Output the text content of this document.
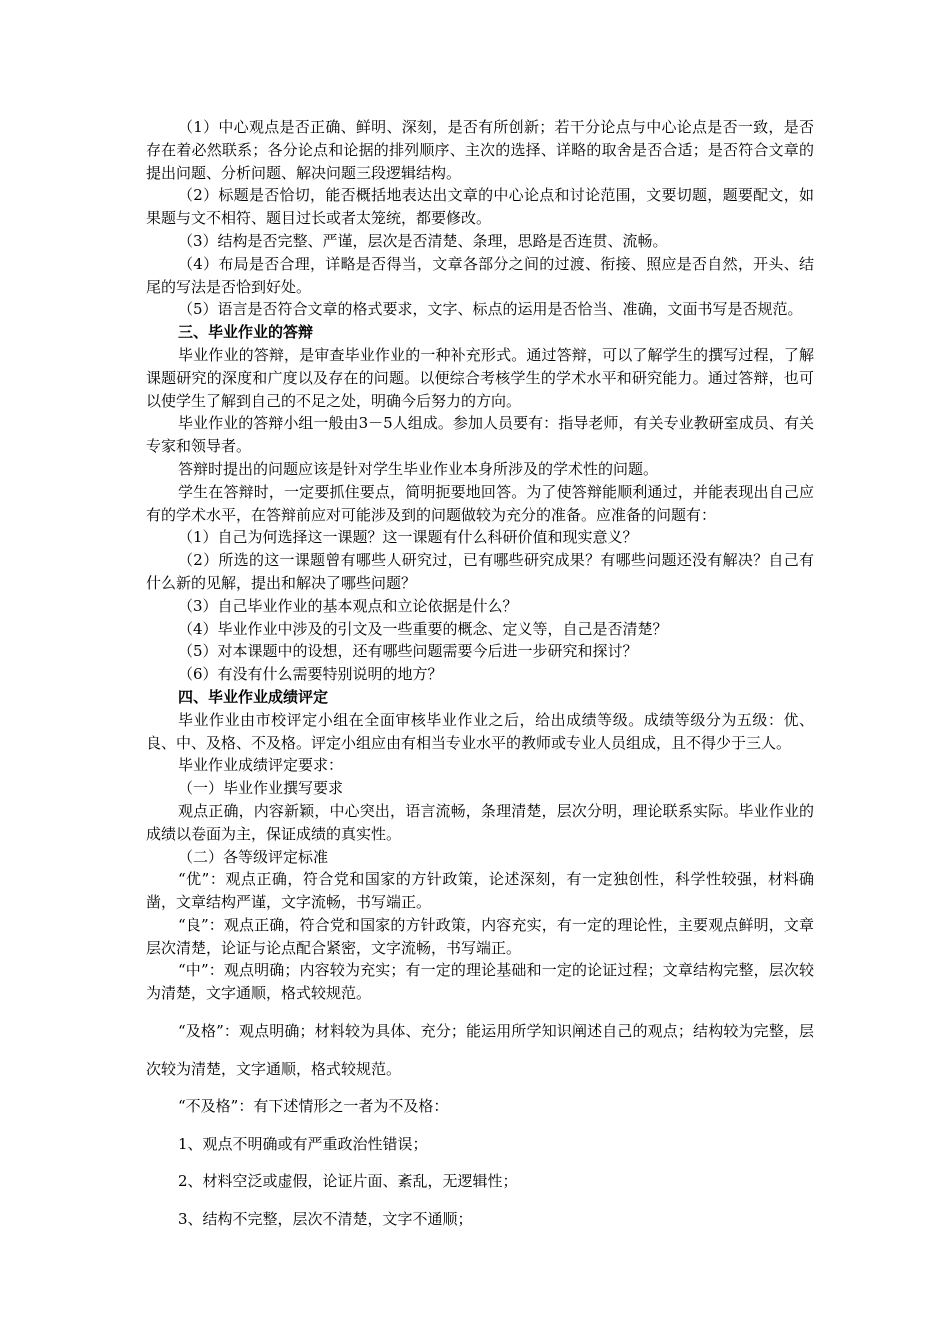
（1）中心观点是否正确、鲜明、深刻，是否有所创新；若干分论点与中心论点是否一致，是否存在着必然联系；各分论点和论据的排列顺序、主次的选择、详略的取舍是否合适；是否符合文章的提出问题、分析问题、解决问题三段逻辑结构。

（2）标题是否恰切，能否概括地表达出文章的中心论点和讨论范围，文要切题，题要配文，如果题与文不相符、题目过长或者太笼统，都要修改。

（3）结构是否完整、严谨，层次是否清楚、条理，思路是否连贯、流畅。

（4）布局是否合理，详略是否得当，文章各部分之间的过渡、衔接、照应是否自然，开头、结尾的写法是否恰到好处。

（5）语言是否符合文章的格式要求，文字、标点的运用是否恰当、准确，文面书写是否规范。

三、毕业作业的答辩

毕业作业的答辩，是审查毕业作业的一种补充形式。通过答辩，可以了解学生的撰写过程，了解课题研究的深度和广度以及存在的问题。以便综合考核学生的学术水平和研究能力。通过答辩，也可以使学生了解到自己的不足之处，明确今后努力的方向。

毕业作业的答辩小组一般由3－5人组成。参加人员要有：指导老师，有关专业教研室成员、有关专家和领导者。

答辩时提出的问题应该是针对学生毕业作业本身所涉及的学术性的问题。

学生在答辩时，一定要抓住要点，简明扼要地回答。为了使答辩能顺利通过，并能表现出自己应有的学术水平，在答辩前应对可能涉及到的问题做较为充分的准备。应准备的问题有：

（1）自己为何选择这一课题？这一课题有什么科研价值和现实意义？

（2）所选的这一课题曾有哪些人研究过，已有哪些研究成果？有哪些问题还没有解决？自己有什么新的见解，提出和解决了哪些问题？

（3）自己毕业作业的基本观点和立论依据是什么？

（4）毕业作业中涉及的引文及一些重要的概念、定义等，自己是否清楚？

（5）对本课题中的设想，还有哪些问题需要今后进一步研究和探讨？

（6）有没有什么需要特别说明的地方？

四、毕业作业成绩评定

毕业作业由市校评定小组在全面审核毕业作业之后，给出成绩等级。成绩等级分为五级：优、良、中、及格、不及格。评定小组应由有相当专业水平的教师或专业人员组成，且不得少于三人。

毕业作业成绩评定要求：

（一）毕业作业撰写要求

观点正确，内容新颖，中心突出，语言流畅，条理清楚，层次分明，理论联系实际。毕业作业的成绩以卷面为主，保证成绩的真实性。

（二）各等级评定标准

“优”：观点正确，符合党和国家的方针政策，论述深刻，有一定独创性，科学性较强，材料确凿，文章结构严谨，文字流畅，书写端正。

“良”：观点正确，符合党和国家的方针政策，内容充实，有一定的理论性，主要观点鲜明，文章层次清楚，论证与论点配合紧密，文字流畅，书写端正。

“中”：观点明确；内容较为充实；有一定的理论基础和一定的论证过程；文章结构完整，层次较为清楚，文字通顺，格式较规范。

“及格”：观点明确；材料较为具体、充分；能运用所学知识阐述自己的观点；结构较为完整，层次较为清楚，文字通顺，格式较规范。

“不及格”：有下述情形之一者为不及格：

1、观点不明确或有严重政治性错误；

2、材料空泛或虚假，论证片面、紊乱，无逻辑性；

3、结构不完整，层次不清楚，文字不通顺；
